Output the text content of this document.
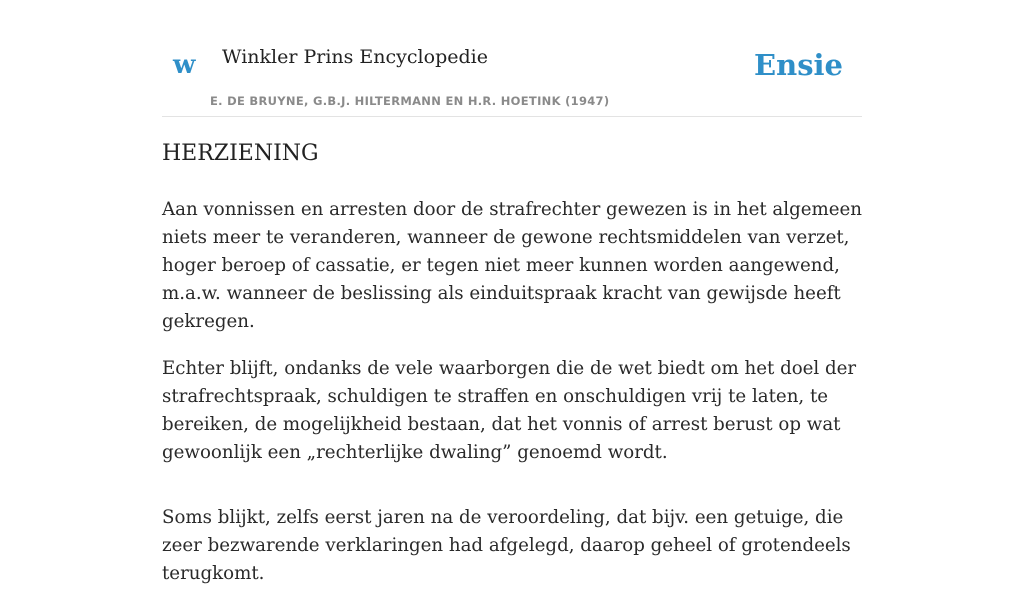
w Winkler Prins Encyclopedie
E. DE BRUYNE, G.B.J. HILTERMANN EN H.R. HOETINK (1947)
Ensie
HERZIENING

Aan vonnissen en arresten door de strafrechter gewezen is in het algemeen niets meer te veranderen, wanneer de gewone rechtsmiddelen van verzet, hoger beroep of cassatie, er tegen niet meer kunnen worden aangewend, m.a.w. wanneer de beslissing als einduitspraak kracht van gewijsde heeft gekregen.

Echter blijft, ondanks de vele waarborgen die de wet biedt om het doel der strafrechtspraak, schuldigen te straffen en onschuldigen vrij te laten, te bereiken, de mogelijkheid bestaan, dat het vonnis of arrest berust op wat gewoonlijk een „rechterlijke dwaling” genoemd wordt.

Soms blijkt, zelfs eerst jaren na de veroordeling, dat bijv. een getuige, die zeer bezwarende verklaringen had afgelegd, daarop geheel of grotendeels terugkomt.
